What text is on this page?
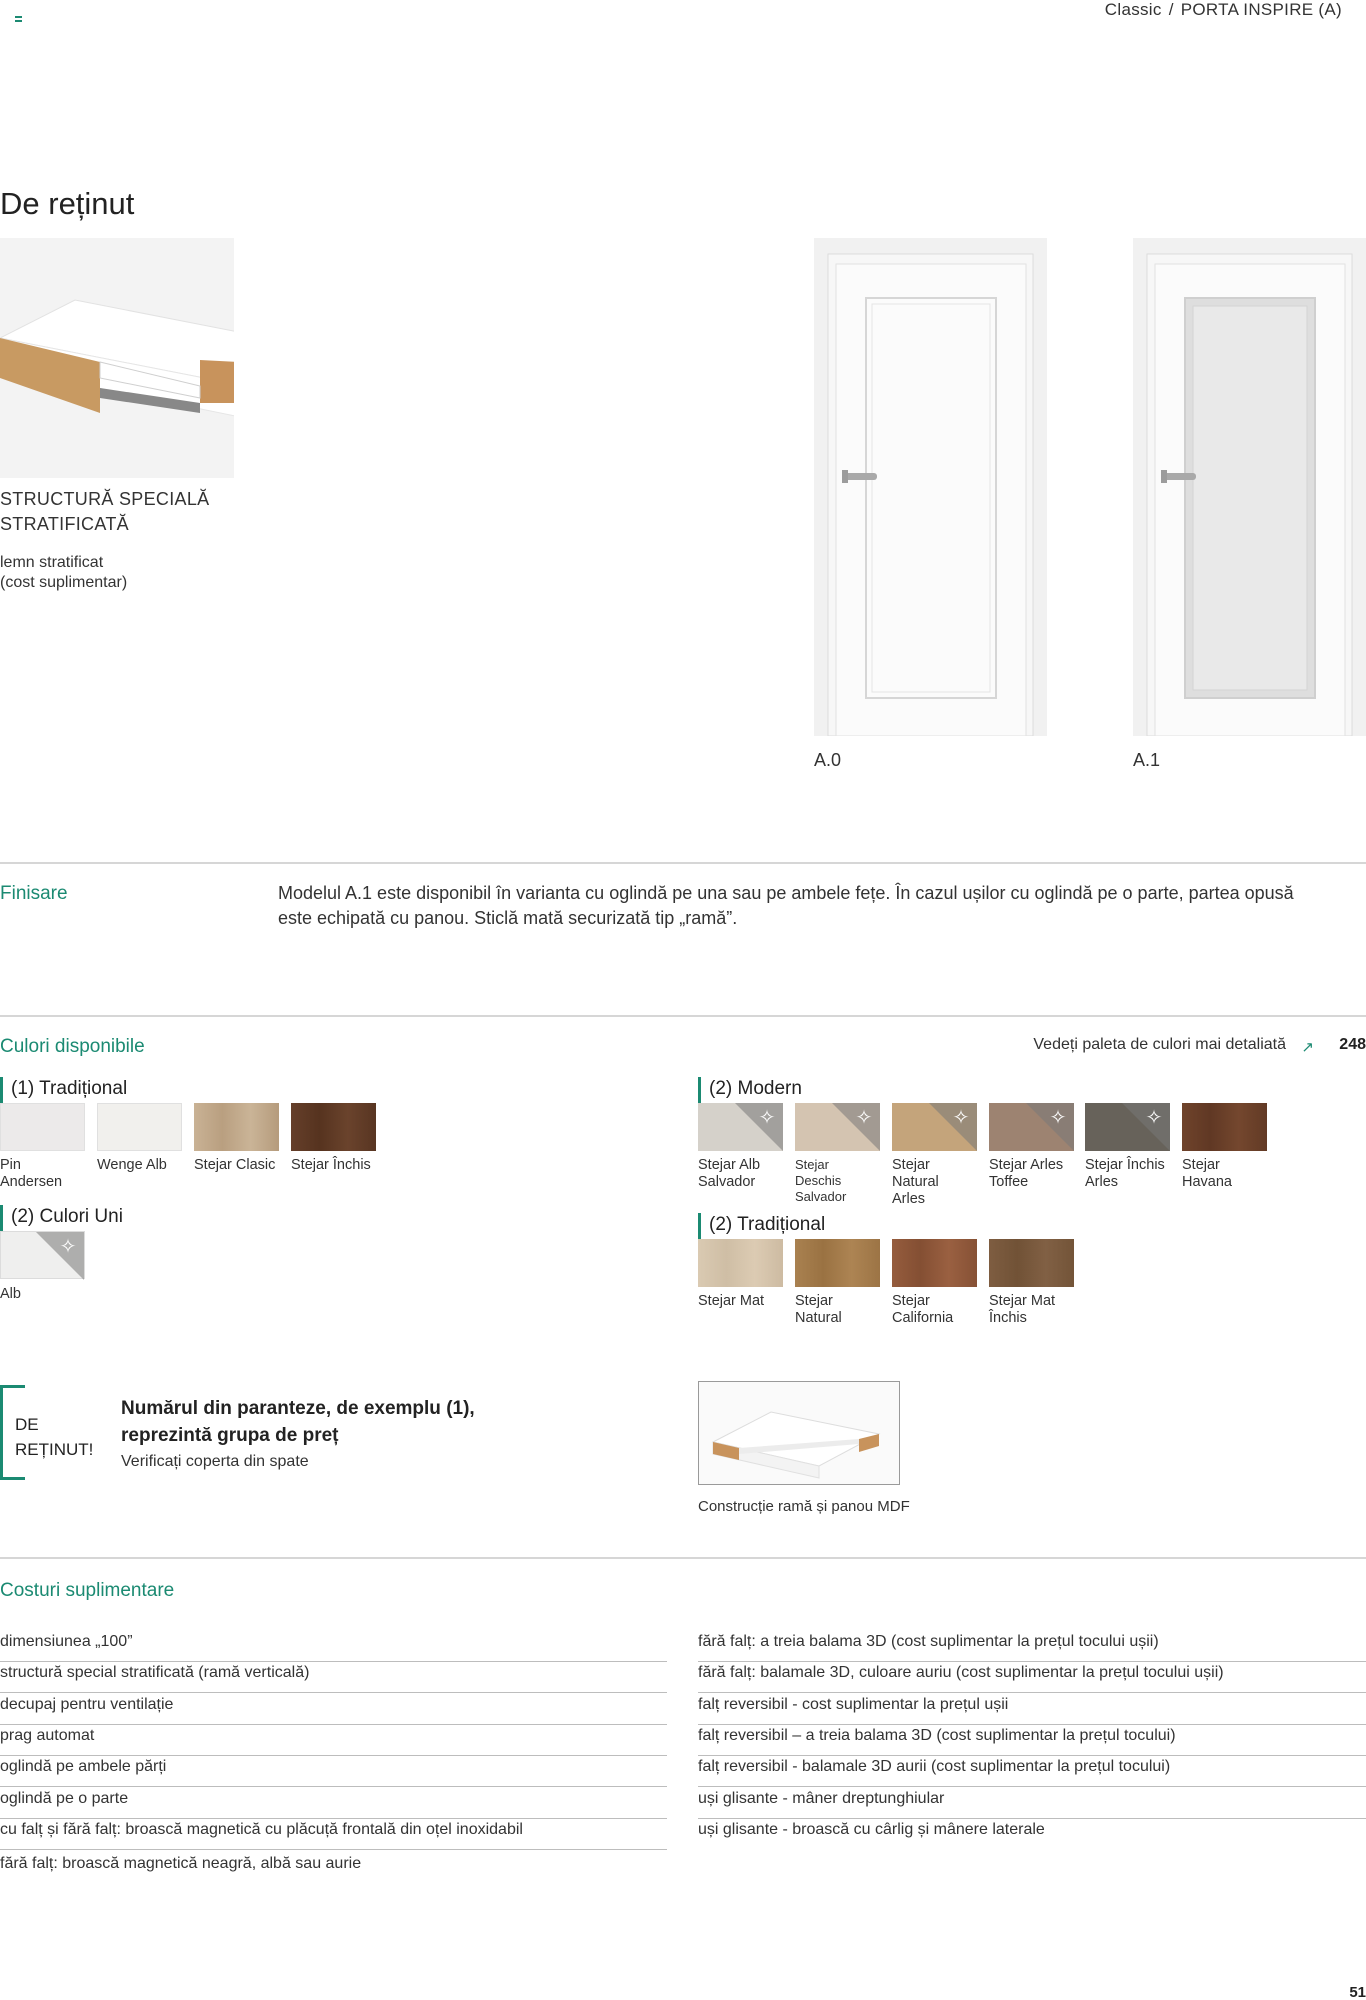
Classic / PORTA INSPIRE (A)
De reținut
STRUCTURĂ SPECIALĂ
STRATIFICATĂ
lemn stratificat
(cost suplimentar)
A.0	A.1
Finisare	Modelul A.1 este disponibil în varianta cu oglindă pe una sau pe ambele fețe. În cazul ușilor cu oglindă pe o parte, partea opusă
este echipată cu panou. Sticlă mată securizată tip „ramă”.
Culori disponibile	Vedeți paleta de culori mai detaliată ↗ 248
(1) Tradițional
Pin
Andersen
Wenge Alb	Stejar Clasic	Stejar Închis
(2) Culori Uni
✧
Alb
(2) Modern
✧	✧	✧	✧	✧
Stejar Alb
Salvador
Stejar
Deschis
Salvador
Stejar
Natural
Arles
Stejar Arles
Toffee
Stejar Închis
Arles
Stejar
Havana
(2) Tradițional
Stejar Mat	Stejar
Natural
Stejar
California
Stejar Mat
Închis
DE
REȚINUT!
Numărul din paranteze, de exemplu (1),
reprezintă grupa de preț
Verificați coperta din spate
Construcție ramă și panou MDF
Costuri suplimentare
dimensiunea „100”
structură special stratificată (ramă verticală)
decupaj pentru ventilație
prag automat
oglindă pe ambele părți
oglindă pe o parte
cu falț și fără falț: broască magnetică cu plăcuță frontală din oțel inoxidabil
fără falț: broască magnetică neagră, albă sau aurie
fără falț: a treia balama 3D (cost suplimentar la prețul tocului ușii)
fără falț: balamale 3D, culoare auriu (cost suplimentar la prețul tocului ușii)
falț reversibil - cost suplimentar la prețul ușii
falț reversibil – a treia balama 3D (cost suplimentar la prețul tocului)
falț reversibil - balamale 3D aurii (cost suplimentar la prețul tocului)
uși glisante - mâner dreptunghiular
uși glisante - broască cu cârlig și mânere laterale
51
